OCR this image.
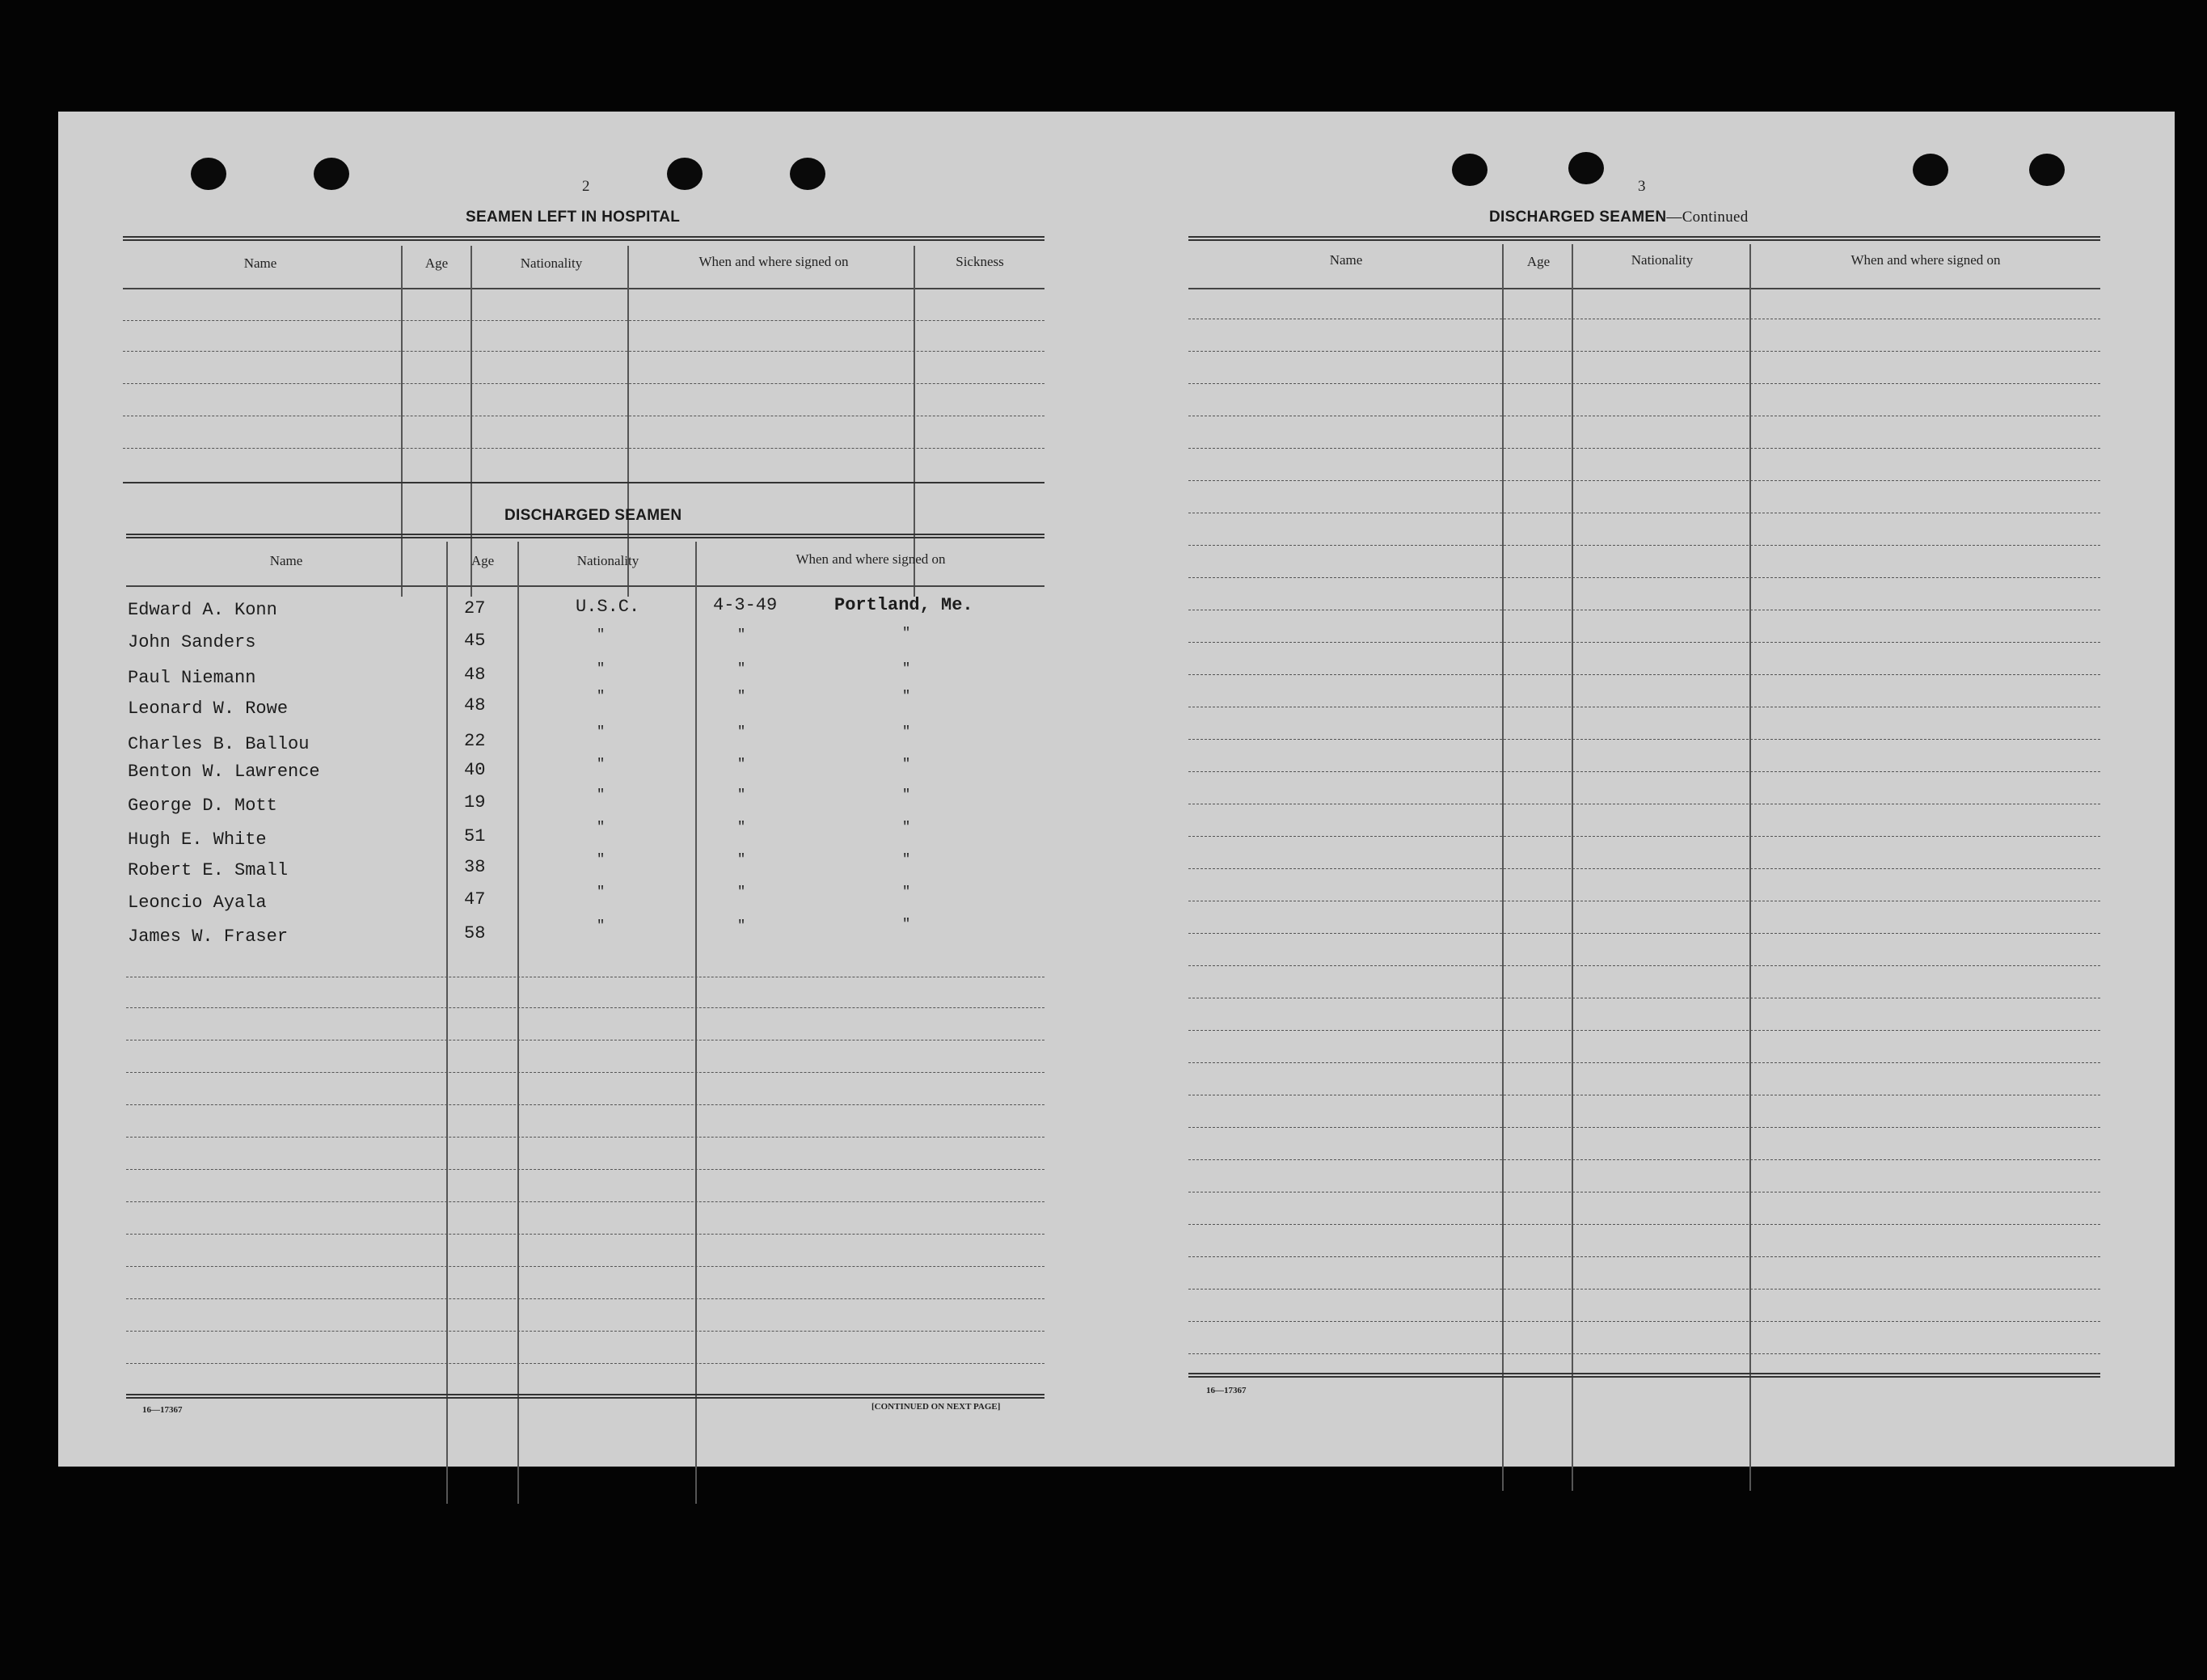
2
SEAMEN LEFT IN HOSPITAL
Name	Age	Nationality	When and where signed on	Sickness
DISCHARGED SEAMEN
Name	Age	Nationality	When and where signed on
Edward A. Konn	27	U.S.C.	4-3-49	Portland, Me.
John Sanders	45	"	"	"
Paul Niemann	48	"	"	"
Leonard W. Rowe	48	"	"	"
Charles B. Ballou	22	"	"	"
Benton W. Lawrence	40	"	"	"
George D. Mott	19	"	"	"
Hugh E. White	51	"	"	"
Robert E. Small	38	"	"	"
Leoncio Ayala	47	"	"	"
James W. Fraser	58	"	"	"
16—17367	[CONTINUED ON NEXT PAGE]
3
DISCHARGED SEAMEN—Continued
Name	Age	Nationality	When and where signed on
16—17367
